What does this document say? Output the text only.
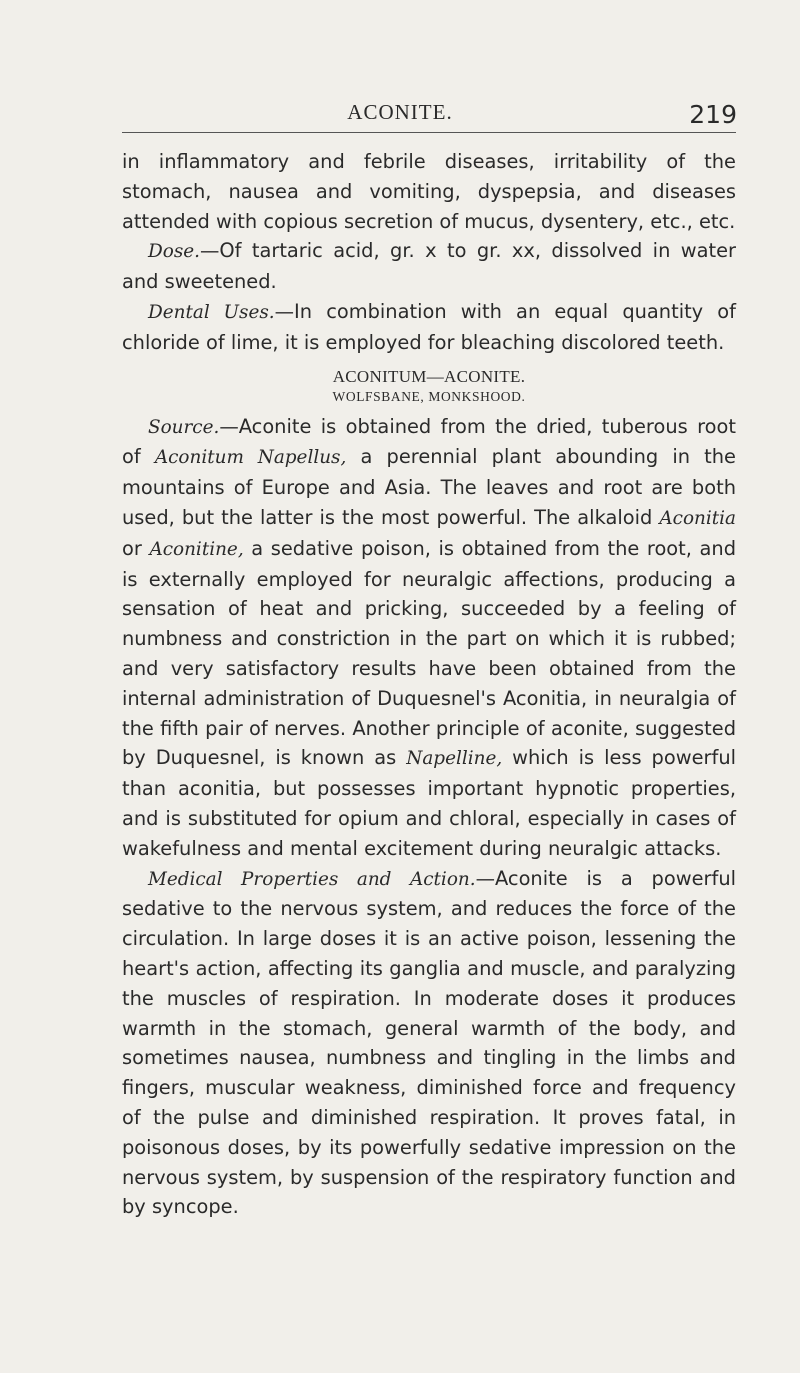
ACONITE.	219

in inflammatory and febrile diseases, irritability of the stomach, nausea and vomiting, dyspepsia, and diseases attended with copious secretion of mucus, dysentery, etc., etc.

Dose.—Of tartaric acid, gr. x to gr. xx, dissolved in water and sweetened.

Dental Uses.—In combination with an equal quantity of chloride of lime, it is employed for bleaching discolored teeth.

ACONITUM—ACONITE.
WOLFSBANE, MONKSHOOD.

Source.—Aconite is obtained from the dried, tuberous root of Aconitum Napellus, a perennial plant abounding in the mountains of Europe and Asia. The leaves and root are both used, but the latter is the most powerful. The alkaloid Aconitia or Aconitine, a sedative poison, is obtained from the root, and is externally employed for neuralgic affections, producing a sensation of heat and pricking, succeeded by a feeling of numbness and constriction in the part on which it is rubbed; and very satisfactory results have been obtained from the internal administration of Duquesnel's Aconitia, in neuralgia of the fifth pair of nerves. Another principle of aconite, suggested by Duquesnel, is known as Napelline, which is less powerful than aconitia, but possesses important hypnotic properties, and is substituted for opium and chloral, especially in cases of wakefulness and mental excitement during neuralgic attacks.

Medical Properties and Action.—Aconite is a powerful sedative to the nervous system, and reduces the force of the circulation. In large doses it is an active poison, lessening the heart's action, affecting its ganglia and muscle, and paralyzing the muscles of respiration. In moderate doses it produces warmth in the stomach, general warmth of the body, and sometimes nausea, numbness and tingling in the limbs and fingers, muscular weakness, diminished force and frequency of the pulse and diminished respiration. It proves fatal, in poisonous doses, by its powerfully sedative impression on the nervous system, by suspension of the respiratory function and by syncope.
